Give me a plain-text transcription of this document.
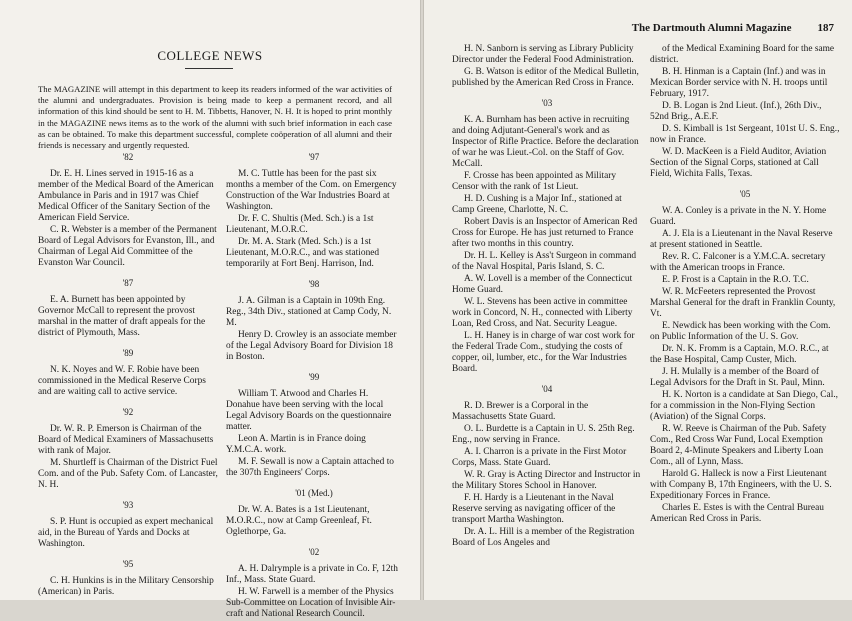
COLLEGE NEWS

The MAGAZINE will attempt in this department to keep its readers informed of the war activities of the alumni and undergraduates. Provision is being made to keep a permanent record, and all information of this kind should be sent to H. M. Tibbetts, Hanover, N. H. It is hoped to print monthly in the MAGAZINE news items as to the work of the alumni with such brief information in each case as can be obtained. To make this department successful, complete coöperation of all alumni and their friends is necessary and urgently requested.

'82

Dr. E. H. Lines served in 1915-16 as a member of the Medical Board of the American Ambulance in Paris and in 1917 was Chief Medical Officer of the Sanitary Section of the American Field Service.

C. R. Webster is a member of the Permanent Board of Legal Advisors for Evanston, Ill., and Chairman of Legal Aid Committee of the Evanston War Council.

'87

E. A. Burnett has been appointed by Governor McCall to represent the provost marshal in the matter of draft appeals for the district of Plymouth, Mass.

'89

N. K. Noyes and W. F. Robie have been commissioned in the Medical Reserve Corps and are waiting call to active service.

'92

Dr. W. R. P. Emerson is Chairman of the Board of Medical Examiners of Massachusetts with rank of Major.

M. Shurtleff is Chairman of the District Fuel Com. and of the Pub. Safety Com. of Lancaster, N. H.

'93

S. P. Hunt is occupied as expert mechanical aid, in the Bureau of Yards and Docks at Washington.

'95

C. H. Hunkins is in the Military Censorship (American) in Paris.

'97

M. C. Tuttle has been for the past six months a member of the Com. on Emergency Construction of the War Industries Board at Washington.

Dr. F. C. Shultis (Med. Sch.) is a 1st Lieutenant, M.O.R.C.

Dr. M. A. Stark (Med. Sch.) is a 1st Lieutenant, M.O.R.C., and was stationed temporarily at Fort Benj. Harrison, Ind.

'98

J. A. Gilman is a Captain in 109th Eng. Reg., 34th Div., stationed at Camp Cody, N. M.

Henry D. Crowley is an associate member of the Legal Advisory Board for Division 18 in Boston.

'99

William T. Atwood and Charles H. Donahue have been serving with the local Legal Advisory Boards on the questionnaire matter.

Leon A. Martin is in France doing Y.M.C.A. work.

M. F. Sewall is now a Captain attached to the 307th Engineers' Corps.

'01 (Med.)

Dr. W. A. Bates is a 1st Lieutenant, M.O.R.C., now at Camp Greenleaf, Ft. Oglethorpe, Ga.

'02

A. H. Dalrymple is a private in Co. F, 12th Inf., Mass. State Guard.

H. W. Farwell is a member of the Physics Sub-Committee on Location of Invisible Air-craft and National Research Council.

The Dartmouth Alumni Magazine 187

H. N. Sanborn is serving as Library Publicity Director under the Federal Food Administration.

G. B. Watson is editor of the Medical Bulletin, published by the American Red Cross in France.

'03

K. A. Burnham has been active in recruiting and doing Adjutant-General's work and as Inspector of Rifle Practice. Before the declaration of war he was Lieut.-Col. on the Staff of Gov. McCall.

F. Crosse has been appointed as Military Censor with the rank of 1st Lieut.

H. D. Cushing is a Major Inf., stationed at Camp Greene, Charlotte, N. C.

Robert Davis is an Inspector of American Red Cross for Europe. He has just returned to France after two months in this country.

Dr. H. L. Kelley is Ass't Surgeon in command of the Naval Hospital, Paris Island, S. C.

A. W. Lovell is a member of the Connecticut Home Guard.

W. L. Stevens has been active in committee work in Concord, N. H., connected with Liberty Loan, Red Cross, and Nat. Security League.

L. H. Haney is in charge of war cost work for the Federal Trade Com., studying the costs of copper, oil, lumber, etc., for the War Industries Board.

'04

R. D. Brewer is a Corporal in the Massachusetts State Guard.

O. L. Burdette is a Captain in U. S. 25th Reg. Eng., now serving in France.

A. I. Charron is a private in the First Motor Corps, Mass. State Guard.

W. R. Gray is Acting Director and Instructor in the Military Stores School in Hanover.

F. H. Hardy is a Lieutenant in the Naval Reserve serving as navigating officer of the transport Martha Washington.

Dr. A. L. Hill is a member of the Registration Board of Los Angeles and

of the Medical Examining Board for the same district.

B. H. Hinman is a Captain (Inf.) and was in Mexican Border service with N. H. troops until February, 1917.

D. B. Logan is 2nd Lieut. (Inf.), 26th Div., 52nd Brig., A.E.F.

D. S. Kimball is 1st Sergeant, 101st U. S. Eng., now in France.

W. D. MacKeen is a Field Auditor, Aviation Section of the Signal Corps, stationed at Call Field, Wichita Falls, Texas.

'05

W. A. Conley is a private in the N. Y. Home Guard.

A. J. Ela is a Lieutenant in the Naval Reserve at present stationed in Seattle.

Rev. R. C. Falconer is a Y.M.C.A. secretary with the American troops in France.

E. P. Frost is a Captain in the R.O. T.C.

W. R. McFeeters represented the Provost Marshal General for the draft in Franklin County, Vt.

E. Newdick has been working with the Com. on Public Information of the U. S. Gov.

Dr. N. K. Fromm is a Captain, M.O. R.C., at the Base Hospital, Camp Custer, Mich.

J. H. Mulally is a member of the Board of Legal Advisors for the Draft in St. Paul, Minn.

H. K. Norton is a candidate at San Diego, Cal., for a commission in the Non-Flying Section (Aviation) of the Signal Corps.

R. W. Reeve is Chairman of the Pub. Safety Com., Red Cross War Fund, Local Exemption Board 2, 4-Minute Speakers and Liberty Loan Com., all of Lynn, Mass.

Harold G. Halleck is now a First Lieutenant with Company B, 17th Engineers, with the U. S. Expeditionary Forces in France.

Charles E. Estes is with the Central Bureau American Red Cross in Paris.
